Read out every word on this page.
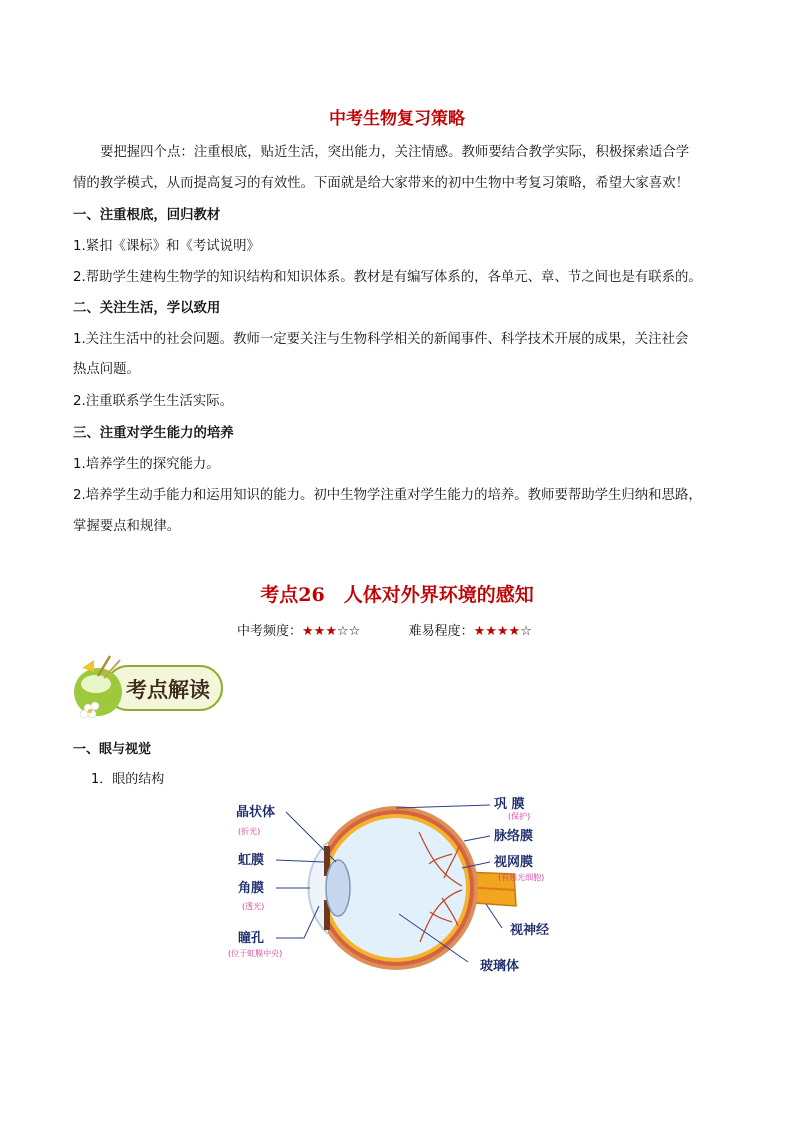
中考生物复习策略
要把握四个点：注重根底，贴近生活，突出能力，关注情感。教师要结合教学实际，积极探索适合学
情的教学模式，从而提高复习的有效性。下面就是给大家带来的初中生物中考复习策略，希望大家喜欢！
一、注重根底，回归教材
1.紧扣《课标》和《考试说明》
2.帮助学生建构生物学的知识结构和知识体系。教材是有编写体系的，各单元、章、节之间也是有联系的。
二、关注生活，学以致用
1.关注生活中的社会问题。教师一定要关注与生物科学相关的新闻事件、科学技术开展的成果，关注社会
热点问题。
2.注重联系学生生活实际。
三、注重对学生能力的培养
1.培养学生的探究能力。
2.培养学生动手能力和运用知识的能力。初中生物学注重对学生能力的培养。教师要帮助学生归纳和思路，
掌握要点和规律。
考点26　人体对外界环境的感知
中考频度：★★★☆☆	难易程度：★★★★☆
考点解读
一、眼与视觉
1．眼的结构
晶状体
(折光)
虹膜
角膜
(透光)
瞳孔
(位于虹膜中央)
巩 膜
(保护)
脉络膜
视网膜
(有感光细胞)
视神经
玻璃体
